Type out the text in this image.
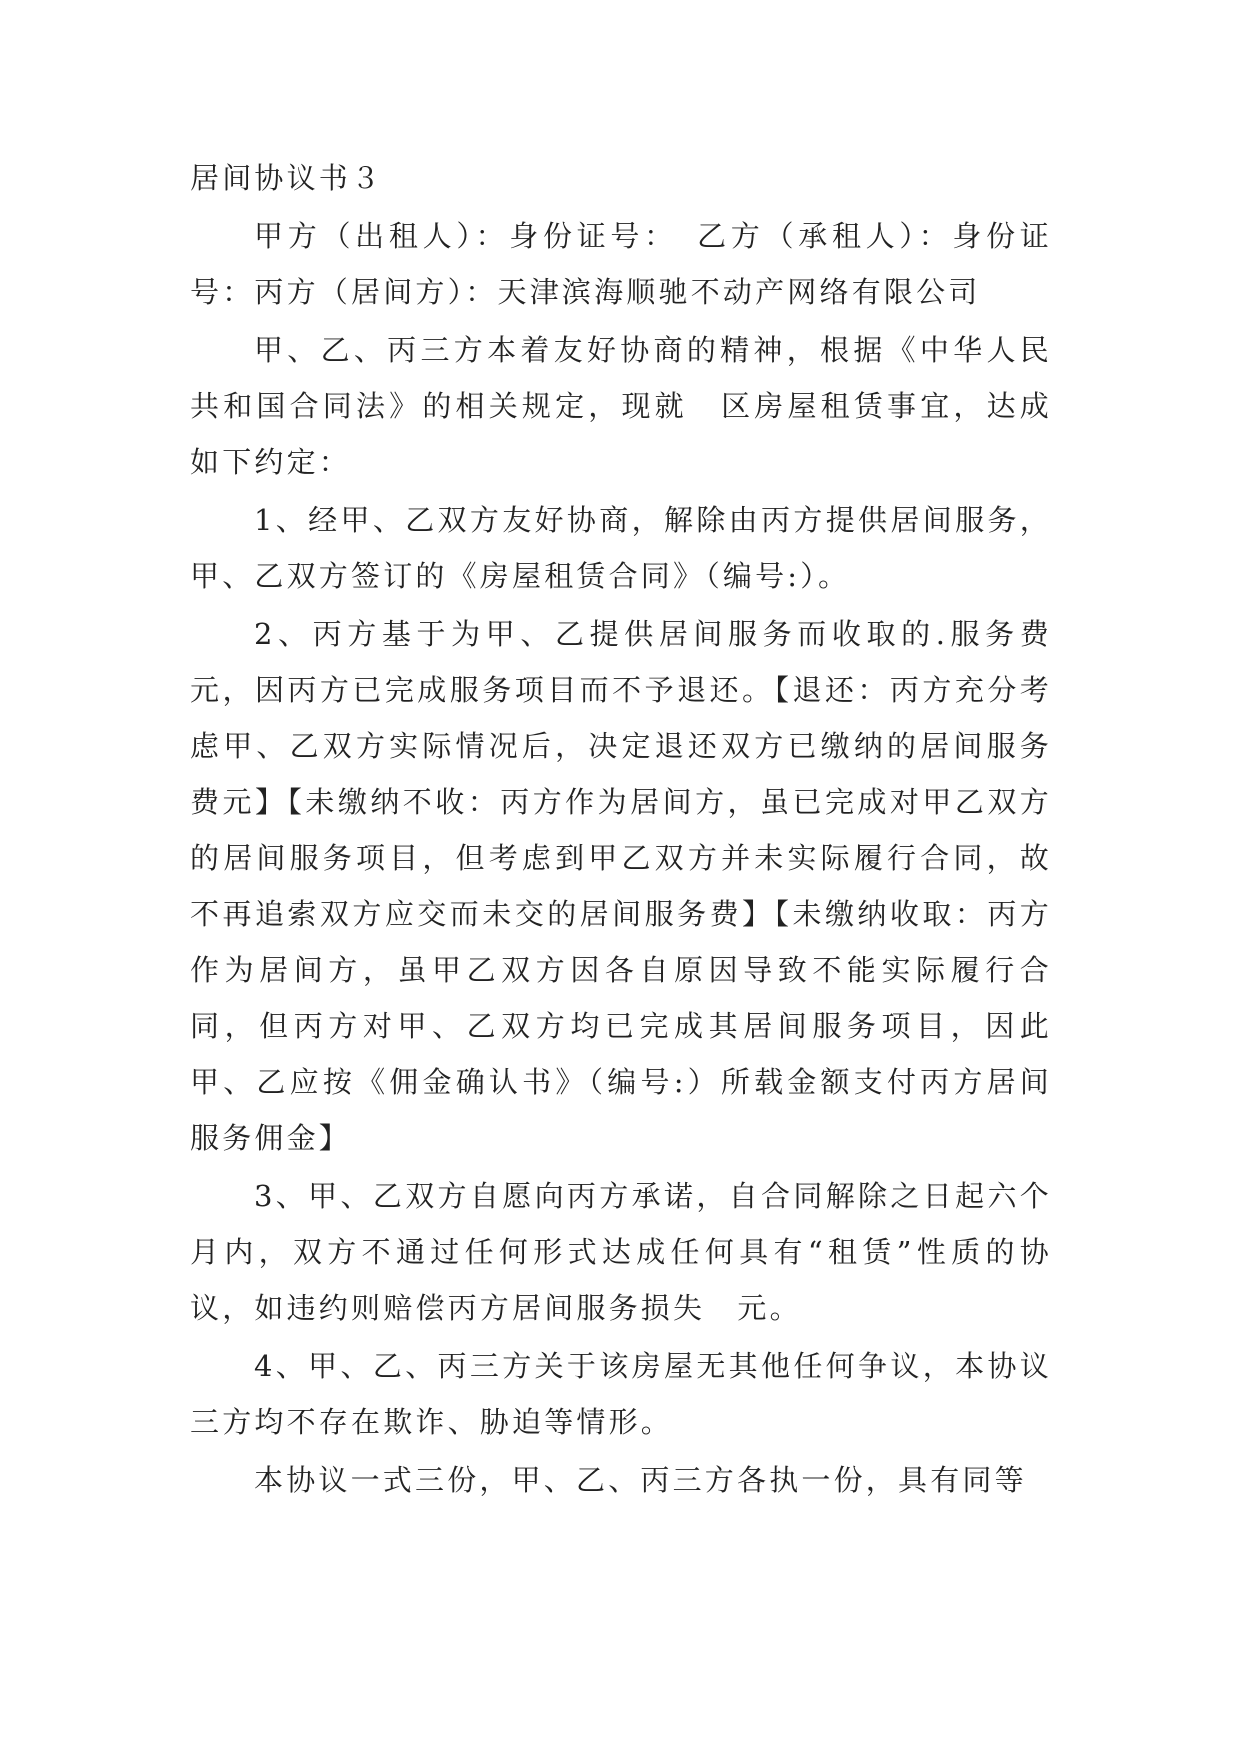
居间协议书３

甲方（出租人）：身份证号：　乙方（承租人）：身份证号：丙方（居间方）：天津滨海顺驰不动产网络有限公司

甲、乙、丙三方本着友好协商的精神，根据《中华人民共和国合同法》的相关规定，现就　区房屋租赁事宜，达成如下约定：

1、经甲、乙双方友好协商，解除由丙方提供居间服务，甲、乙双方签订的《房屋租赁合同》（编号:）。

2、丙方基于为甲、乙提供居间服务而收取的.服务费元，因丙方已完成服务项目而不予退还。【退还：丙方充分考虑甲、乙双方实际情况后，决定退还双方已缴纳的居间服务费元】【未缴纳不收：丙方作为居间方，虽已完成对甲乙双方的居间服务项目，但考虑到甲乙双方并未实际履行合同，故不再追索双方应交而未交的居间服务费】【未缴纳收取：丙方作为居间方，虽甲乙双方因各自原因导致不能实际履行合同，但丙方对甲、乙双方均已完成其居间服务项目，因此甲、乙应按《佣金确认书》（编号:）所载金额支付丙方居间服务佣金】

3、甲、乙双方自愿向丙方承诺，自合同解除之日起六个月内，双方不通过任何形式达成任何具有“租赁”性质的协议，如违约则赔偿丙方居间服务损失　元。

4、甲、乙、丙三方关于该房屋无其他任何争议，本协议三方均不存在欺诈、胁迫等情形。

本协议一式三份，甲、乙、丙三方各执一份，具有同等
